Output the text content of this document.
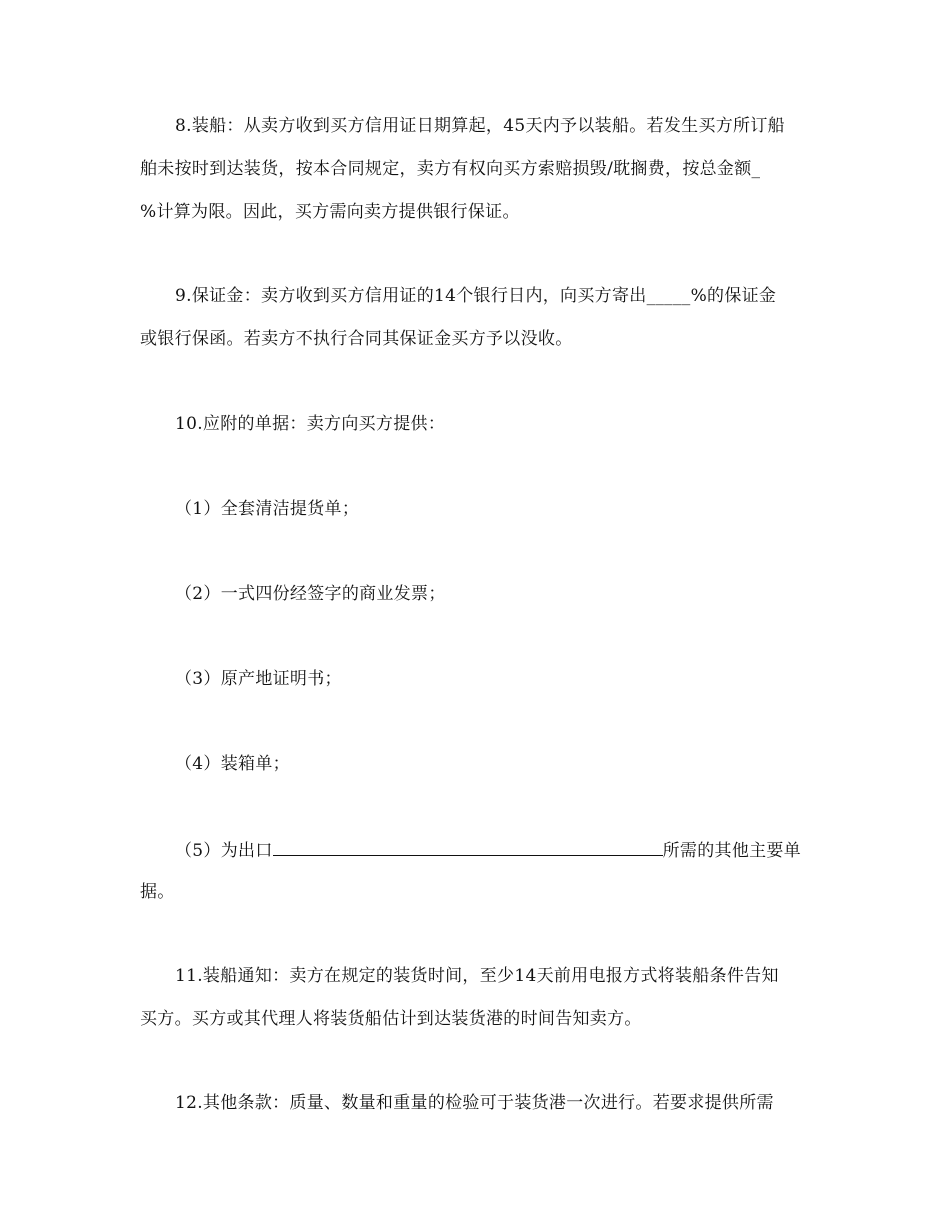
8.装船：从卖方收到买方信用证日期算起，45天内予以装船。若发生买方所订船
舶未按时到达装货，按本合同规定，卖方有权向买方索赔损毁/耽搁费，按总金额_
%计算为限。因此，买方需向卖方提供银行保证。
9.保证金：卖方收到买方信用证的14个银行日内，向买方寄出_____%的保证金
或银行保函。若卖方不执行合同其保证金买方予以没收。
10.应附的单据：卖方向买方提供：
（1）全套清洁提货单；
（2）一式四份经签字的商业发票；
（3）原产地证明书；
（4）装箱单；
（5）为出口	所需的其他主要单
据。
11.装船通知：卖方在规定的装货时间，至少14天前用电报方式将装船条件告知
买方。买方或其代理人将装货船估计到达装货港的时间告知卖方。
12.其他条款：质量、数量和重量的检验可于装货港一次进行。若要求提供所需
